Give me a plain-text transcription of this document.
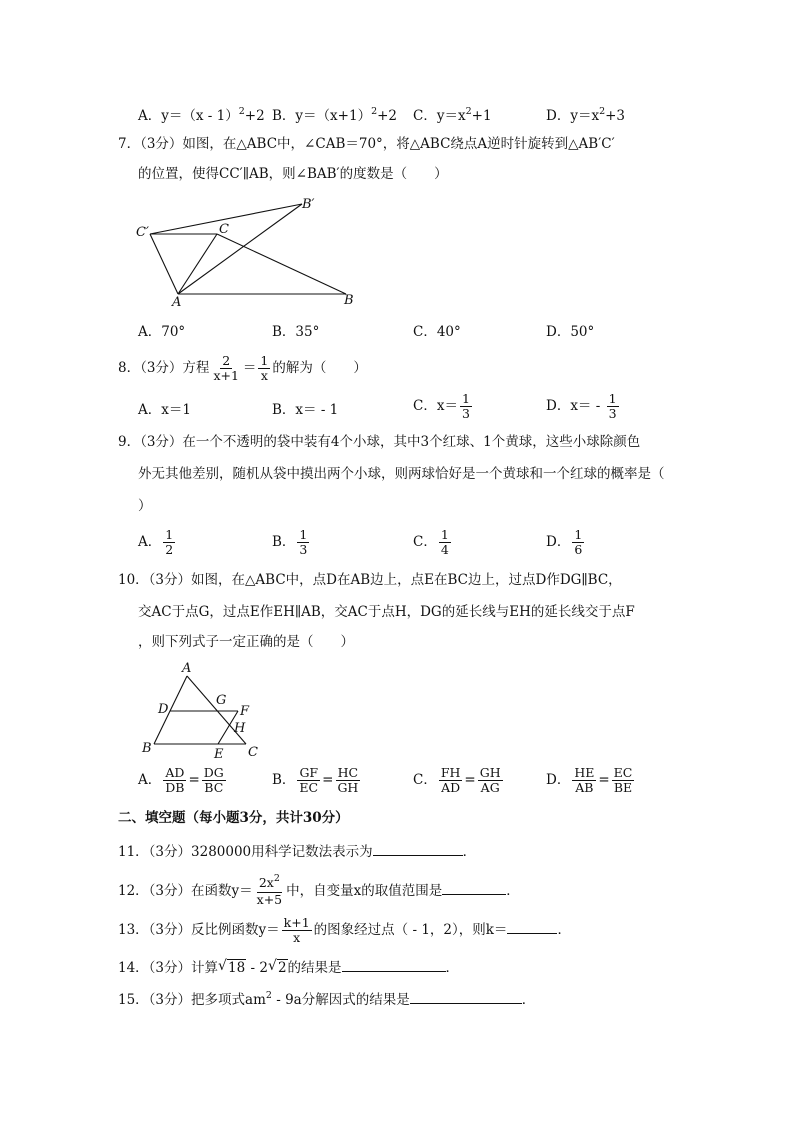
A．y＝（x - 1）$^2$+2 B．$y=(x+1)^2+2$ C．$y=x^2+1$	D．$y=x^2+3$
7．（3分）如图，在△ABC中，∠CAB＝70°，将△ABC绕点A逆时针旋转到△AB′C′
的位置，使得CC′∥AB，则∠BAB′的度数是（　　）
B′
C′	C
A	B
A．70°	B．35°	C．40°	D．50°
8．（3分）方程 $\frac{2}{x+1} = \frac{1}{x}$ 的解为（　　）
A．x＝1	B．x＝ - 1	C．$x= \frac{1}{3}$	D．$x= - \frac{1}{3}$
9．（3分）在一个不透明的袋中装有4个小球，其中3个红球、1个黄球，这些小球除颜色
外无其他差别，随机从袋中摸出两个小球，则两球恰好是一个黄球和一个红球的概率是（
）
A． $\frac{1}{2}$	B． $\frac{1}{3}$	C． $\frac{1}{4}$	D． $\frac{1}{6}$
10．（3分）如图，在△ABC中，点D在AB边上，点E在BC边上，过点D作DG∥BC，
交AC于点G，过点E作EH∥AB，交AC于点H，DG的延长线与EH的延长线交于点F
，则下列式子一定正确的是（　　）
A
G
D	F
H
B	E C
A． $\frac{AD}{DB} = \frac{DG}{BC}$	B． $\frac{GF}{EC} = \frac{HC}{GH}$	C． $\frac{FH}{AD} = \frac{GH}{AG}$	D． $\frac{HE}{AB} = \frac{EC}{BE}$
二、填空题（每小题3分，共计30分）
11．（3分）3280000用科学记数法表示为	．
12．（3分）在函数$y= \frac{2x^2}{x+5}$ 中，自变量x的取值范围是	．
13．（3分）反比例函数$y= \frac{k+1}{x}$ 的图象经过点（ - 1，2），则k＝	．
14．（3分）计算 √ 18 - 2 √ 2的结果是	．
15．（3分）把多项式$am^2 - 9a$分解因式的结果是	．
